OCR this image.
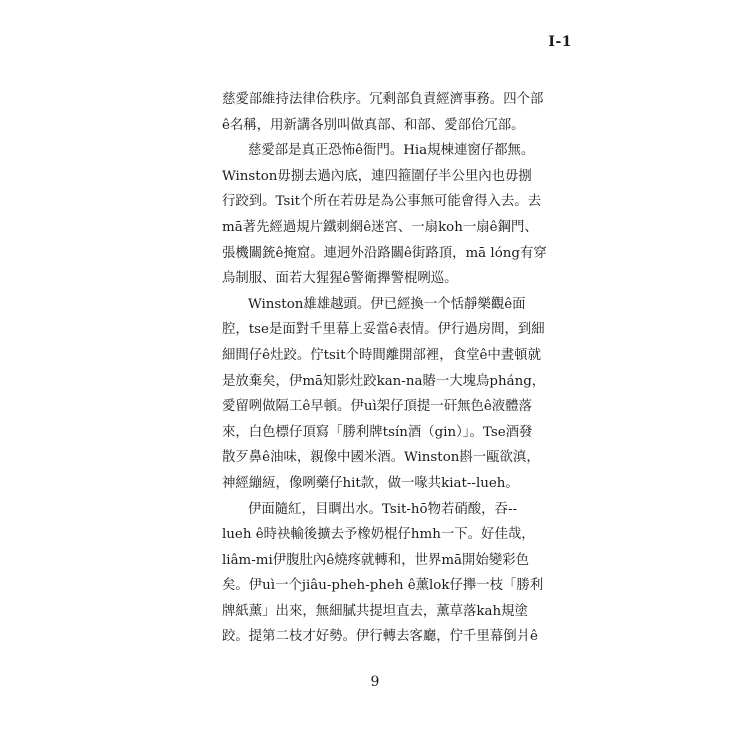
I-1
慈愛部維持法律佮秩序。冗剩部負責經濟事務。四个部
ê名稱，用新講各別叫做真部、和部、愛部佮冗部。
慈愛部是真正恐怖ê衙門。Hia規棟連窗仔都無。
Winston毋捌去過內底，連四箍圍仔半公里內也毋捌
行跤到。Tsit个所在若毋是為公事無可能會得入去。去
mā著先經過規片鐵刺網ê迷宮、一扇koh一扇ê鋼門、
張機關銃ê掩窟。連迵外沿路關ê街路頂，mā lóng有穿
烏制服、面若大猩猩ê警衛攑警棍咧巡。
Winston雄雄越頭。伊已經換一个恬靜樂觀ê面
腔，tse是面對千里幕上妥當ê表情。伊行過房間，到細
細間仔ê灶跤。佇tsit个時間離開部裡，食堂ê中晝頓就
是放棄矣，伊mā知影灶跤kan-na賰一大塊烏pháng，
愛留咧做隔工ê早頓。伊uì架仔頂提一矸無色ê液體落
來，白色標仔頂寫「勝利牌tsín酒（gin）」。Tse酒發
散歹鼻ê油味，親像中國米酒。Winston斟一甌欲滇，
神經繃絚，像咧藥仔hit款，做一喙共kiat--lueh。
伊面隨紅，目睭出水。Tsit-hō物若硝酸，吞--
lueh ê時袂輸後擴去予橡奶棍仔hmh一下。好佳哉，
liâm-mi伊腹肚內ê燒疼就轉和，世界mā開始變彩色
矣。伊uì一个jiâu-pheh-pheh ê薰lok仔攑一枝「勝利
牌紙薰」出來，無細膩共提坦直去，薰草落kah規塗
跤。提第二枝才好勢。伊行轉去客廳，佇千里幕倒爿ê
9
